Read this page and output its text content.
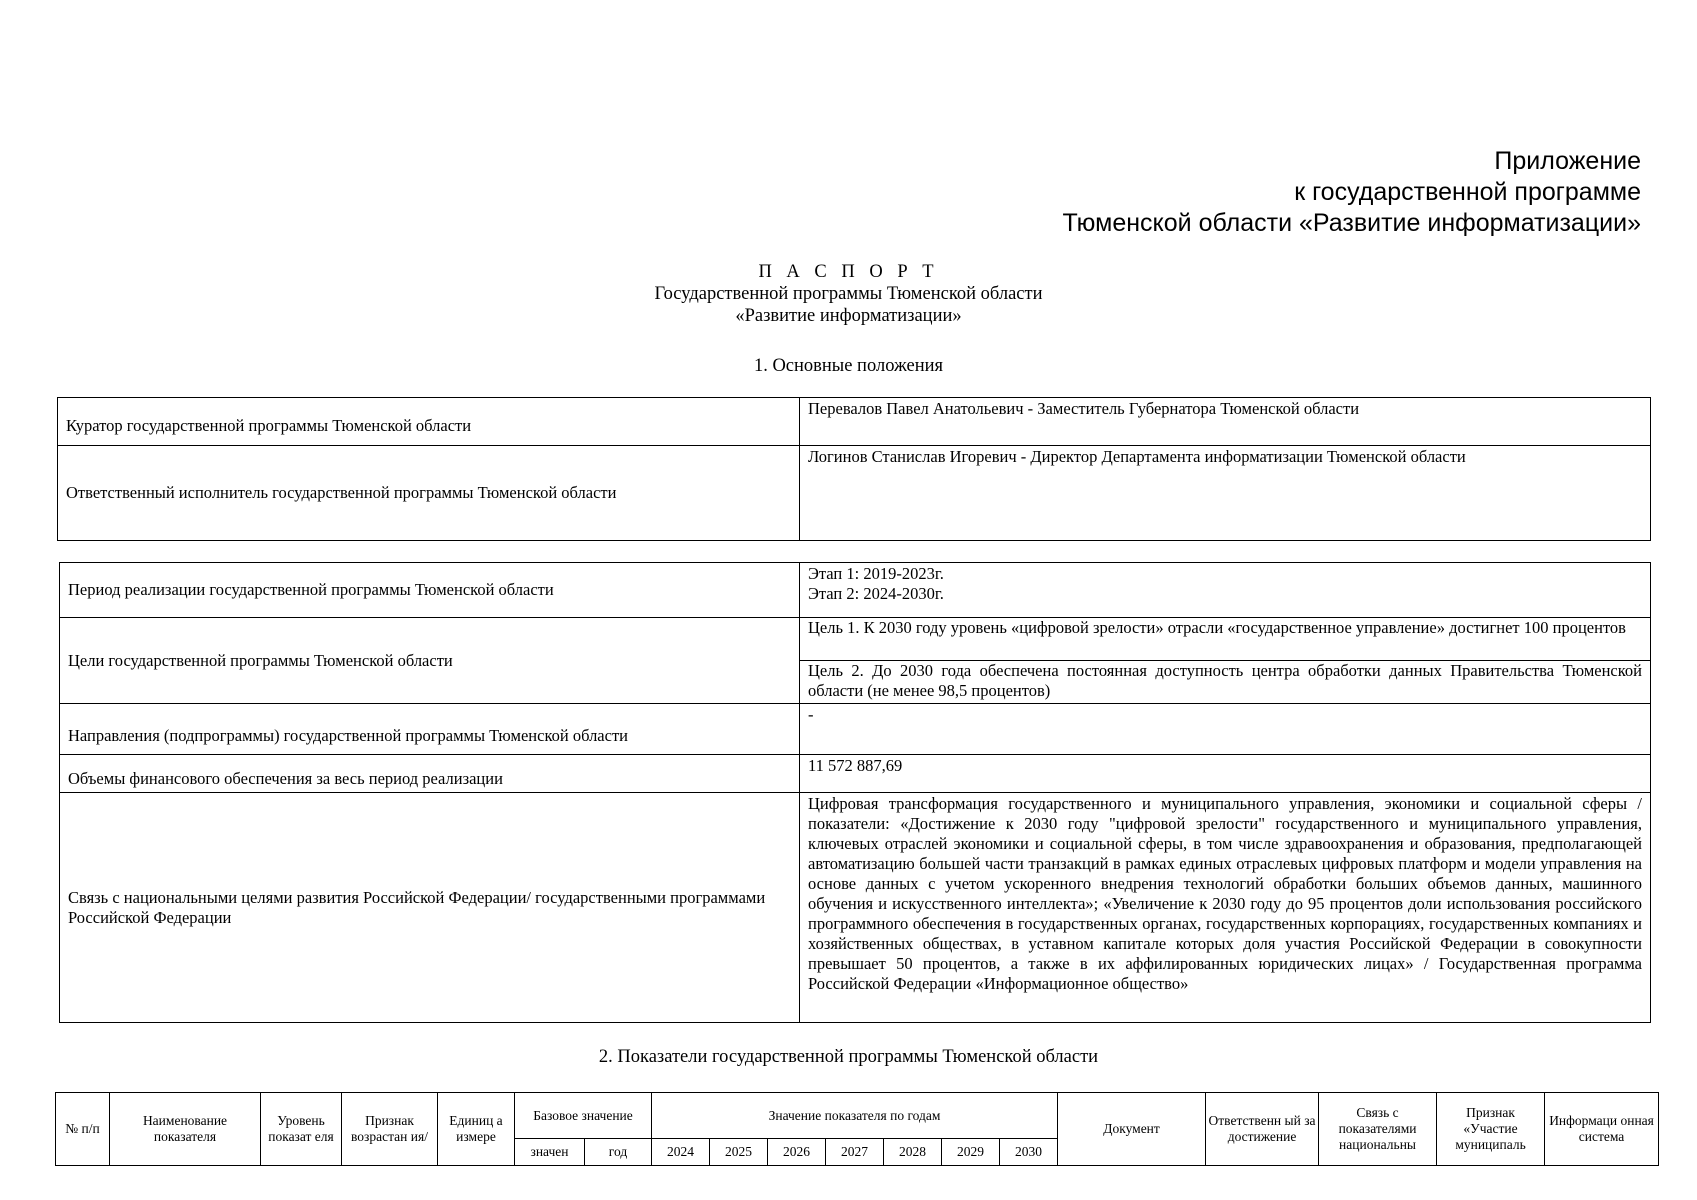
Приложение
к государственной программе
Тюменской области «Развитие информатизации»
П А С П О Р Т
Государственной программы Тюменской области
«Развитие информатизации»
1. Основные положения
Куратор государственной программы Тюменской области	Перевалов Павел Анатольевич - Заместитель Губернатора Тюменской области
Ответственный исполнитель государственной программы Тюменской области	Логинов Станислав Игоревич - Директор Департамента информатизации Тюменской области
Период реализации государственной программы Тюменской области	Этап 1: 2019-2023г.
Этап 2: 2024-2030г.

Цели государственной программы Тюменской области	Цель 1. К 2030 году уровень «цифровой зрелости» отрасли «государственное управление» достигнет 100 процентов
	Цель 2. До 2030 года обеспечена постоянная доступность центра обработки данных Правительства Тюменской области (не менее 98,5 процентов)
Направления (подпрограммы) государственной программы Тюменской области	-
Объемы финансового обеспечения за весь период реализации	11 572 887,69
Связь с национальными целями развития Российской Федерации/ государственными программами Российской Федерации	Цифровая трансформация государственного и муниципального управления, экономики и социальной сферы / показатели: «Достижение к 2030 году "цифровой зрелости" государственного и муниципального управления, ключевых отраслей экономики и социальной сферы, в том числе здравоохранения и образования, предполагающей автоматизацию большей части транзакций в рамках единых отраслевых цифровых платформ и модели управления на основе данных с учетом ускоренного внедрения технологий обработки больших объемов данных, машинного обучения и искусственного интеллекта»; «Увеличение к 2030 году до 95 процентов доли использования российского программного обеспечения в государственных органах, государственных корпорациях, государственных компаниях и хозяйственных обществах, в уставном капитале которых доля участия Российской Федерации в совокупности превышает 50 процентов, а также в их аффилированных юридических лицах» / Государственная программа Российской Федерации «Информационное общество»
2. Показатели государственной программы Тюменской области
№ п/п	Наименование показателя	Уровень показат еля	Признак возрастан ия/	Единиц а измере	Базовое значение		Значение показателя по годам							Документ	Ответственн ый за достижение	Связь с показателями национальны	Признак «Участие муниципаль	Информаци онная система
					значен	год	2024	2025	2026	2027	2028	2029	2030					
